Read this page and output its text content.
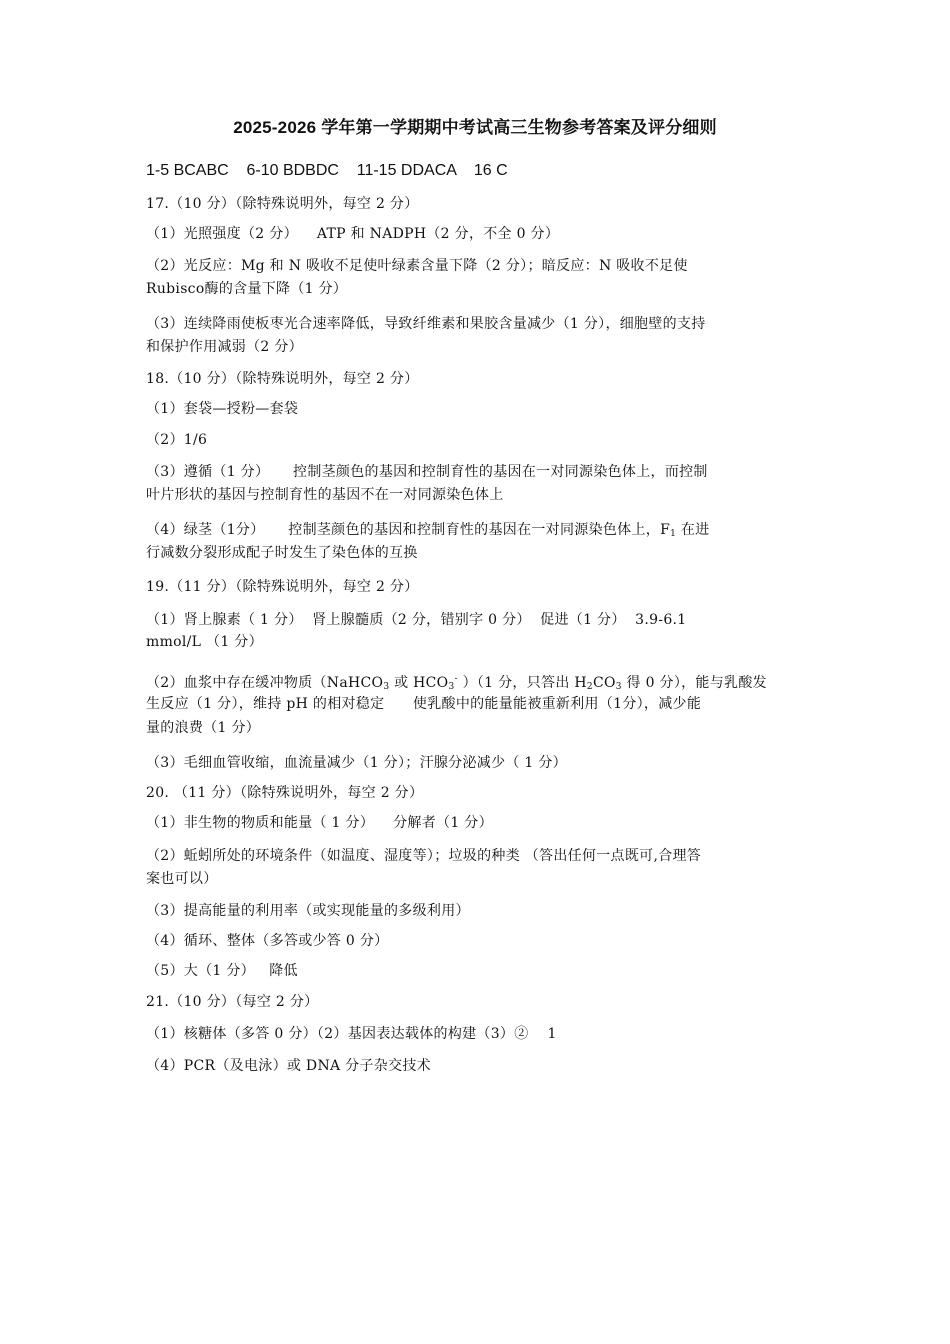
2025-2026 学年第一学期期中考试高三生物参考答案及评分细则
1-5 BCABC    6-10 BDBDC    11-15 DDACA    16 C
17.（10 分）（除特殊说明外，每空 2 分）
（1）光照强度（2 分）    ATP 和 NADPH（2 分，不全 0 分）
（2）光反应：Mg 和 N 吸收不足使叶绿素含量下降（2 分）；暗反应：N 吸收不足使
Rubisco酶的含量下降（1 分）
（3）连续降雨使板枣光合速率降低，导致纤维素和果胶含量减少（1 分），细胞壁的支持
和保护作用减弱（2 分）
18.（10 分）（除特殊说明外，每空 2 分）
（1）套袋—授粉—套袋
（2）1/6
（3）遵循（1 分）     控制茎颜色的基因和控制育性的基因在一对同源染色体上，而控制
叶片形状的基因与控制育性的基因不在一对同源染色体上
（4）绿茎（1分）     控制茎颜色的基因和控制育性的基因在一对同源染色体上，$F_1$ 在进
行减数分裂形成配子时发生了染色体的互换
19.（11 分）（除特殊说明外，每空 2 分）
（1）肾上腺素（ 1 分）  肾上腺髓质（2 分，错别字 0 分）  促进（1 分）  3.9-6.1
mmol/L （1 分）
（2）血浆中存在缓冲物质（NaHCO$_3$ 或 $HCO_3^-$ ）（1 分，只答出 $H_2CO_3$ 得 0 分），能与乳酸发
生反应（1 分），维持 pH 的相对稳定      使乳酸中的能量能被重新利用（1分），减少能
量的浪费（1 分）
（3）毛细血管收缩，血流量减少（1 分）；汗腺分泌减少（ 1 分）
20. （11 分）（除特殊说明外，每空 2 分）
（1）非生物的物质和能量（ 1 分）    分解者（1 分）
（2）蚯蚓所处的环境条件（如温度、湿度等）；垃圾的种类 （答出任何一点既可,合理答
案也可以）
（3）提高能量的利用率（或实现能量的多级利用）
（4）循环、整体（多答或少答 0 分）
（5）大（1 分）   降低
21.（10 分）（每空 2 分）
（1）核糖体（多答 0 分）（2）基因表达载体的构建（3）②    1
（4）PCR（及电泳）或 DNA 分子杂交技术
